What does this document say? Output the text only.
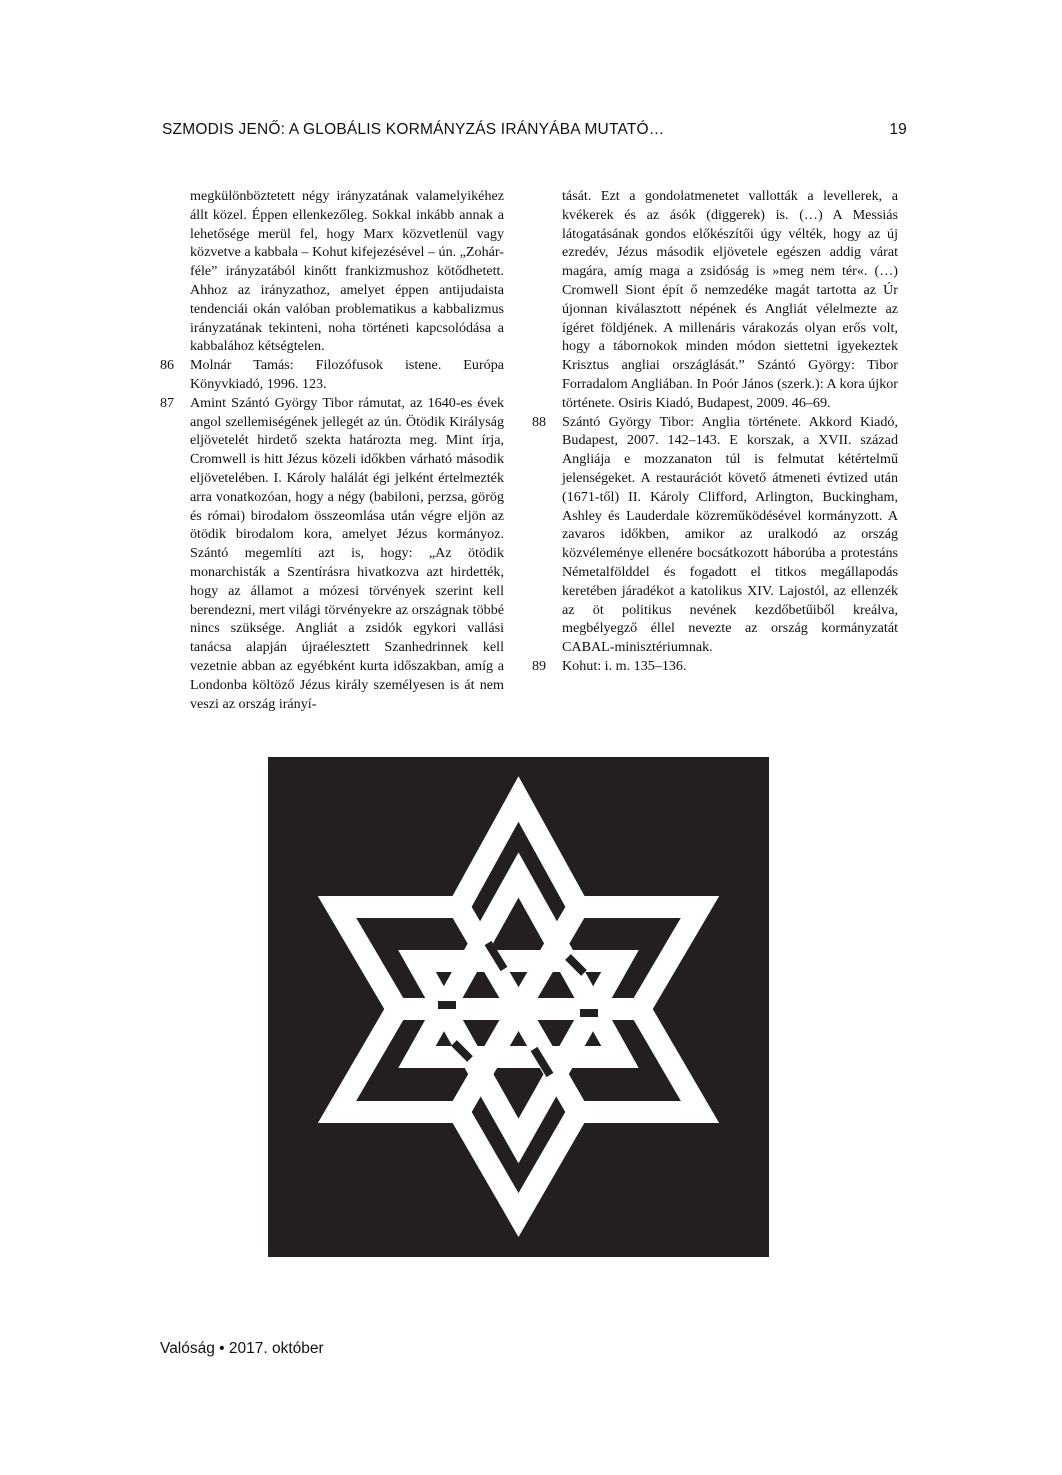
SZMODIS JENŐ: A GLOBÁLIS KORMÁNYZÁS IRÁNYÁBA MUTATÓ…	19

megkülönböztetett négy irányzatának valamelyikéhez állt közel. Éppen ellenkezőleg. Sokkal inkább annak a lehetősége merül fel, hogy Marx közvetlenül vagy közvetve a kabbala – Kohut kifejezésével – ún. „Zohár-féle” irányzatából kinőtt frankizmushoz kötődhetett. Ahhoz az irányzathoz, amelyet éppen antijudaista tendenciái okán valóban problematikus a kabbalizmus irányzatának tekinteni, noha történeti kapcsolódása a kabbalához kétségtelen.

86 Molnár Tamás: Filozófusok istene. Európa Könyvkiadó, 1996. 123.

87 Amint Szántó György Tibor rámutat, az 1640-es évek angol szellemiségének jellegét az ún. Ötödik Királyság eljövetelét hirdető szekta határozta meg. Mint írja, Cromwell is hitt Jézus közeli időkben várható második eljövetelében. I. Károly halálát égi jelként értelmezték arra vonatkozóan, hogy a négy (babiloni, perzsa, görög és római) birodalom összeomlása után végre eljön az ötödik birodalom kora, amelyet Jézus kormányoz. Szántó megemlíti azt is, hogy: „Az ötödik monarchisták a Szentírásra hivatkozva azt hirdették, hogy az államot a mózesi törvények szerint kell berendezni, mert világi törvényekre az országnak többé nincs szüksége. Angliát a zsidók egykori vallási tanácsa alapján újraélesztett Szanhedrinnek kell vezetnie abban az egyébként kurta időszakban, amíg a Londonba költöző Jézus király személyesen is át nem veszi az ország irányí-

tását. Ezt a gondolatmenetet vallották a levellerek, a kvékerek és az ásók (diggerek) is. (…) A Messiás látogatásának gondos előkészítői úgy vélték, hogy az új ezredév, Jézus második eljövetele egészen addig várat magára, amíg maga a zsidóság is »meg nem tér«. (…) Cromwell Siont épít ő nemzedéke magát tartotta az Úr újonnan kiválasztott népének és Angliát vélelmezte az ígéret földjének. A millenáris várakozás olyan erős volt, hogy a tábornokok minden módon siettetni igyekeztek Krisztus angliai országlását.” Szántó György: Tibor Forradalom Angliában. In Poór János (szerk.): A kora újkor története. Osiris Kiadó, Budapest, 2009. 46–69.

88 Szántó György Tibor: Anglia története. Akkord Kiadó, Budapest, 2007. 142–143. E korszak, a XVII. század Angliája e mozzanaton túl is felmutat kétértelmű jelenségeket. A restaurációt követő átmeneti évtized után (1671-től) II. Károly Clifford, Arlington, Buckingham, Ashley és Lauderdale közreműködésével kormányzott. A zavaros időkben, amikor az uralkodó az ország közvéleménye ellenére bocsátkozott háborúba a protestáns Németalfölddel és fogadott el titkos megállapodás keretében járadékot a katolikus XIV. Lajostól, az ellenzék az öt politikus nevének kezdőbetűiből kreálva, megbélyegző éllel nevezte az ország kormányzatát CABAL-minisztériumnak.

89 Kohut: i. m. 135–136.

Valóság • 2017. október
